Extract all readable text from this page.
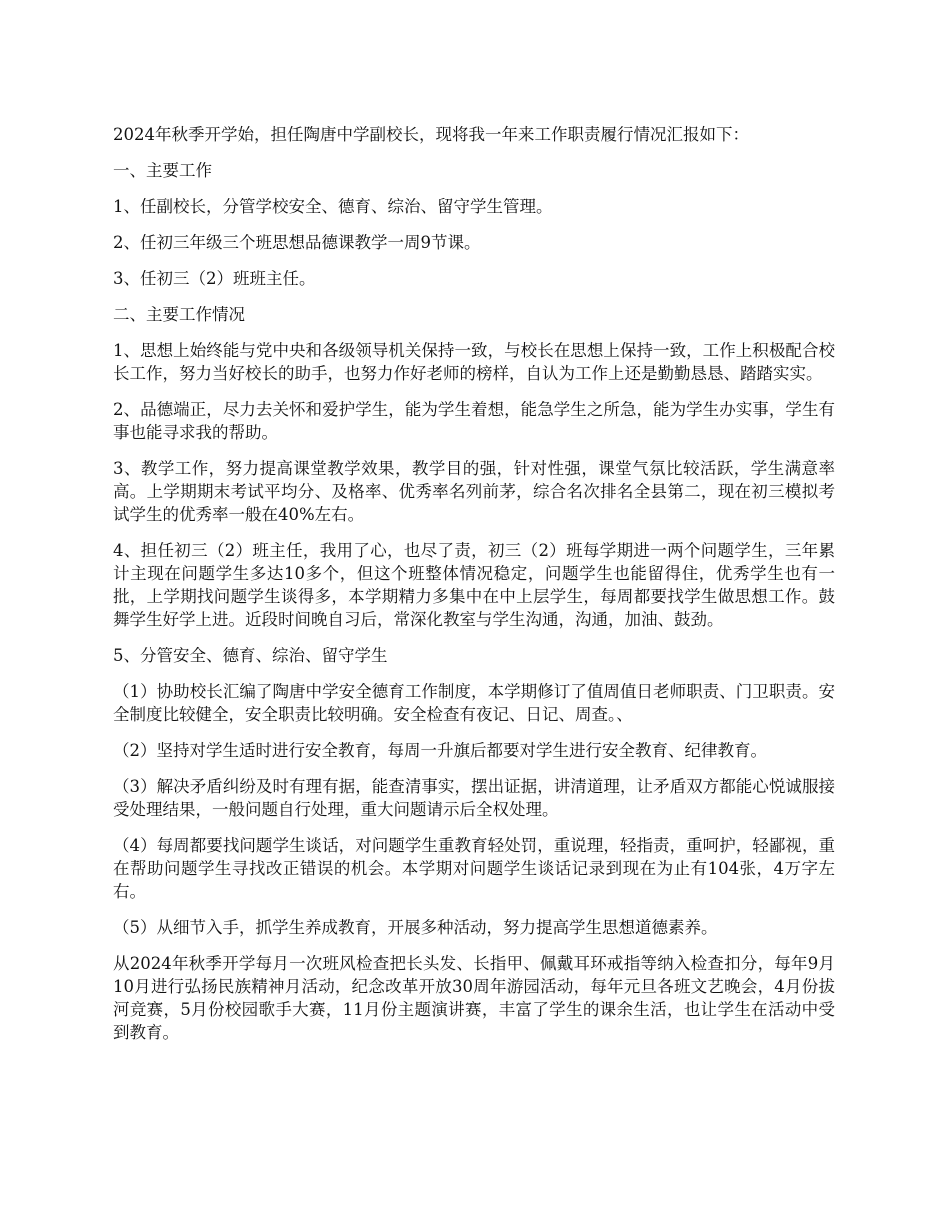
2024年秋季开学始，担任陶唐中学副校长，现将我一年来工作职责履行情况汇报如下：

一、主要工作

1、任副校长，分管学校安全、德育、综治、留守学生管理。

2、任初三年级三个班思想品德课教学一周9节课。

3、任初三（2）班班主任。

二、主要工作情况

1、思想上始终能与党中央和各级领导机关保持一致，与校长在思想上保持一致，工作上积极配合校长工作，努力当好校长的助手，也努力作好老师的榜样，自认为工作上还是勤勤恳恳、踏踏实实。

2、品德端正，尽力去关怀和爱护学生，能为学生着想，能急学生之所急，能为学生办实事，学生有事也能寻求我的帮助。

3、教学工作，努力提高课堂教学效果，教学目的强，针对性强，课堂气氛比较活跃，学生满意率高。上学期期末考试平均分、及格率、优秀率名列前茅，综合名次排名全县第二，现在初三模拟考试学生的优秀率一般在40%左右。

4、担任初三（2）班主任，我用了心，也尽了责，初三（2）班每学期进一两个问题学生，三年累计主现在问题学生多达10多个，但这个班整体情况稳定，问题学生也能留得住，优秀学生也有一批，上学期找问题学生谈得多，本学期精力多集中在中上层学生，每周都要找学生做思想工作。鼓舞学生好学上进。近段时间晚自习后，常深化教室与学生沟通，沟通，加油、鼓劲。

5、分管安全、德育、综治、留守学生

（1）协助校长汇编了陶唐中学安全德育工作制度，本学期修订了值周值日老师职责、门卫职责。安全制度比较健全，安全职责比较明确。安全检查有夜记、日记、周查。、

（2）坚持对学生适时进行安全教育，每周一升旗后都要对学生进行安全教育、纪律教育。

（3）解决矛盾纠纷及时有理有据，能查清事实，摆出证据，讲清道理，让矛盾双方都能心悦诚服接受处理结果，一般问题自行处理，重大问题请示后全权处理。

（4）每周都要找问题学生谈话，对问题学生重教育轻处罚，重说理，轻指责，重呵护，轻鄙视，重在帮助问题学生寻找改正错误的机会。本学期对问题学生谈话记录到现在为止有104张，4万字左右。

（5）从细节入手，抓学生养成教育，开展多种活动，努力提高学生思想道德素养。

从2024年秋季开学每月一次班风检查把长头发、长指甲、佩戴耳环戒指等纳入检查扣分，每年9月10月进行弘扬民族精神月活动，纪念改革开放30周年游园活动，每年元旦各班文艺晚会，4月份拔河竞赛，5月份校园歌手大赛，11月份主题演讲赛，丰富了学生的课余生活，也让学生在活动中受到教育。
